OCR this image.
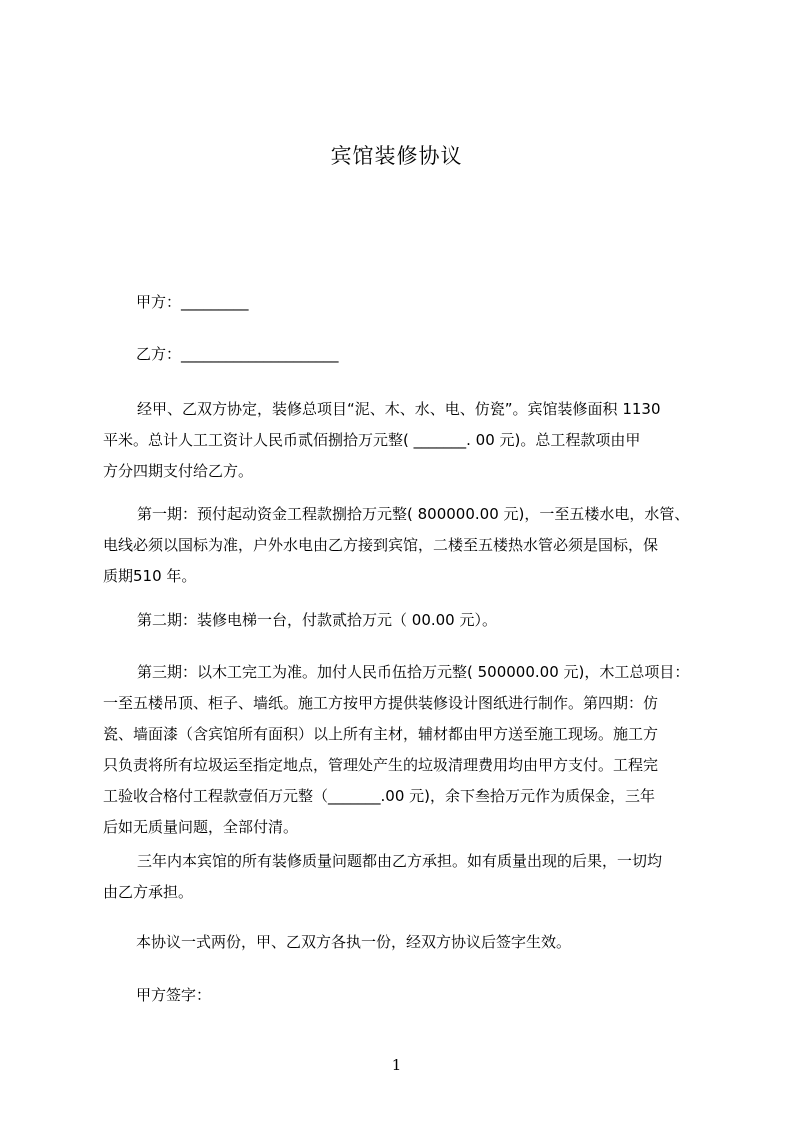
宾馆装修协议
甲方：_________
乙方：_____________________
经甲、乙双方协定，装修总项目“泥、木、水、电、仿瓷”。宾馆装修面积 1130
平米。总计人工工资计人民币贰佰捌拾万元整( _______. 00 元)。总工程款项由甲
方分四期支付给乙方。
第一期：预付起动资金工程款捌拾万元整( 800000.00 元)，一至五楼水电，水管、
电线必须以国标为准，户外水电由乙方接到宾馆，二楼至五楼热水管必须是国标，保
质期510 年。
第二期：装修电梯一台，付款贰拾万元（ 00.00 元）。
第三期：以木工完工为准。加付人民币伍拾万元整( 500000.00 元)，木工总项目：
一至五楼吊顶、柜子、墙纸。施工方按甲方提供装修设计图纸进行制作。第四期：仿
瓷、墙面漆（含宾馆所有面积）以上所有主材，辅材都由甲方送至施工现场。施工方
只负责将所有垃圾运至指定地点，管理处产生的垃圾清理费用均由甲方支付。工程完
工验收合格付工程款壹佰万元整（_______.00 元)，余下叁拾万元作为质保金，三年
后如无质量问题，全部付清。
三年内本宾馆的所有装修质量问题都由乙方承担。如有质量出现的后果，一切均
由乙方承担。
本协议一式两份，甲、乙双方各执一份，经双方协议后签字生效。
甲方签字：
1
